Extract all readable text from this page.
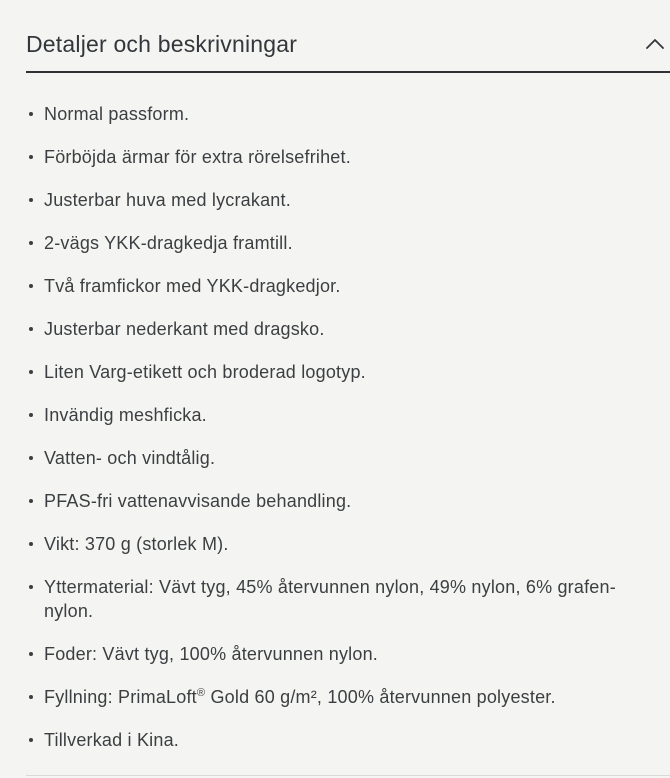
Detaljer och beskrivningar
Normal passform.
Förböjda ärmar för extra rörelsefrihet.
Justerbar huva med lycrakant.
2-vägs YKK-dragkedja framtill.
Två framfickor med YKK-dragkedjor.
Justerbar nederkant med dragsko.
Liten Varg-etikett och broderad logotyp.
Invändig meshficka.
Vatten- och vindtålig.
PFAS-fri vattenavvisande behandling.
Vikt: 370 g (storlek M).
Yttermaterial: Vävt tyg, 45% återvunnen nylon, 49% nylon, 6% grafen-nylon.
Foder: Vävt tyg, 100% återvunnen nylon.
Fyllning: PrimaLoft® Gold 60 g/m², 100% återvunnen polyester.
Tillverkad i Kina.
